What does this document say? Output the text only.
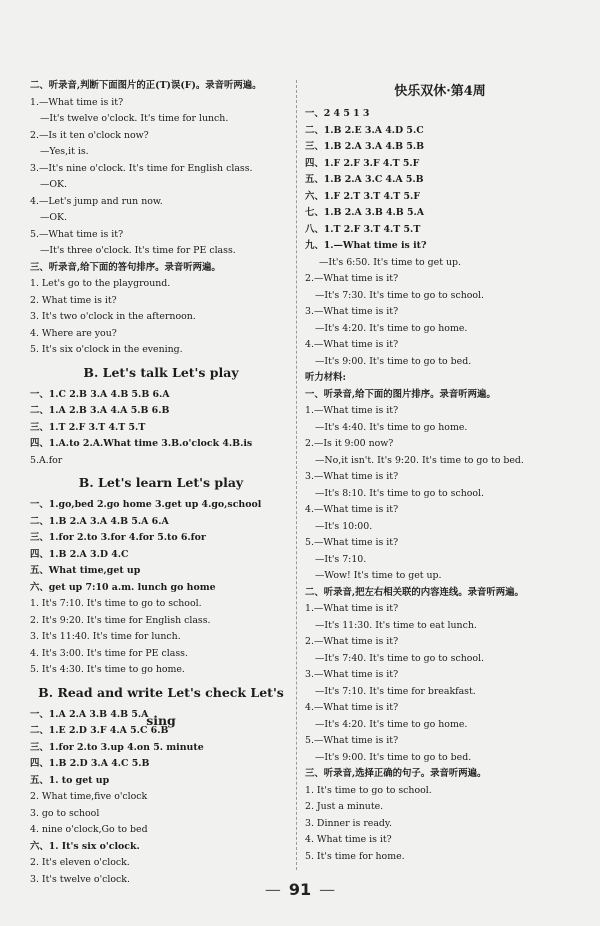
二、听录音,判断下面图片的正(T)误(F)。录音听两遍。
1.—What time is it?
—It's twelve o'clock. It's time for lunch.
2.—Is it ten o'clock now?
—Yes,it is.
3.—It's nine o'clock. It's time for English class.
—OK.
4.—Let's jump and run now.
—OK.
5.—What time is it?
—It's three o'clock. It's time for PE class.
三、听录音,给下面的答句排序。录音听两遍。
1. Let's go to the playground.
2. What time is it?
3. It's two o'clock in the afternoon.
4. Where are you?
5. It's six o'clock in the evening.
B. Let's talk Let's play
一、1.C 2.B 3.A 4.B 5.B 6.A
二、1.A 2.B 3.A 4.A 5.B 6.B
三、1.T 2.F 3.T 4.T 5.T
四、1.A.to 2.A.What time 3.B.o'clock 4.B.is
5.A.for
B. Let's learn Let's play
一、1.go,bed 2.go home 3.get up 4.go,school
二、1.B 2.A 3.A 4.B 5.A 6.A
三、1.for 2.to 3.for 4.for 5.to 6.for
四、1.B 2.A 3.D 4.C
五、What time,get up
六、get up 7:10 a.m. lunch go home
1. It's 7:10. It's time to go to school.
2. It's 9:20. It's time for English class.
3. It's 11:40. It's time for lunch.
4. It's 3:00. It's time for PE class.
5. It's 4:30. It's time to go home.
B. Read and write Let's check Let's sing
一、1.A 2.A 3.B 4.B 5.A
二、1.E 2.D 3.F 4.A 5.C 6.B
三、1.for 2.to 3.up 4.on 5. minute
四、1.B 2.D 3.A 4.C 5.B
五、1. to get up
2. What time,five o'clock
3. go to school
4. nine o'clock,Go to bed
六、1. It's six o'clock.
2. It's eleven o'clock.
3. It's twelve o'clock.
快乐双休·第4周
一、2 4 5 1 3
二、1.B 2.E 3.A 4.D 5.C
三、1.B 2.A 3.A 4.B 5.B
四、1.F 2.F 3.F 4.T 5.F
五、1.B 2.A 3.C 4.A 5.B
六、1.F 2.T 3.T 4.T 5.F
七、1.B 2.A 3.B 4.B 5.A
八、1.T 2.F 3.T 4.T 5.T
九、1.—What time is it?
—It's 6:50. It's time to get up.
2.—What time is it?
—It's 7:30. It's time to go to school.
3.—What time is it?
—It's 4:20. It's time to go home.
4.—What time is it?
—It's 9:00. It's time to go to bed.
听力材料:
一、听录音,给下面的图片排序。录音听两遍。
1.—What time is it?
—It's 4:40. It's time to go home.
2.—Is it 9:00 now?
—No,it isn't. It's 9:20. It's time to go to bed.
3.—What time is it?
—It's 8:10. It's time to go to school.
4.—What time is it?
—It's 10:00.
5.—What time is it?
—It's 7:10.
—Wow! It's time to get up.
二、听录音,把左右相关联的内容连线。录音听两遍。
1.—What time is it?
—It's 11:30. It's time to eat lunch.
2.—What time is it?
—It's 7:40. It's time to go to school.
3.—What time is it?
—It's 7:10. It's time for breakfast.
4.—What time is it?
—It's 4:20. It's time to go home.
5.—What time is it?
—It's 9:00. It's time to go to bed.
三、听录音,选择正确的句子。录音听两遍。
1. It's time to go to school.
2. Just a minute.
3. Dinner is ready.
4. What time is it?
5. It's time for home.
— 91 —
